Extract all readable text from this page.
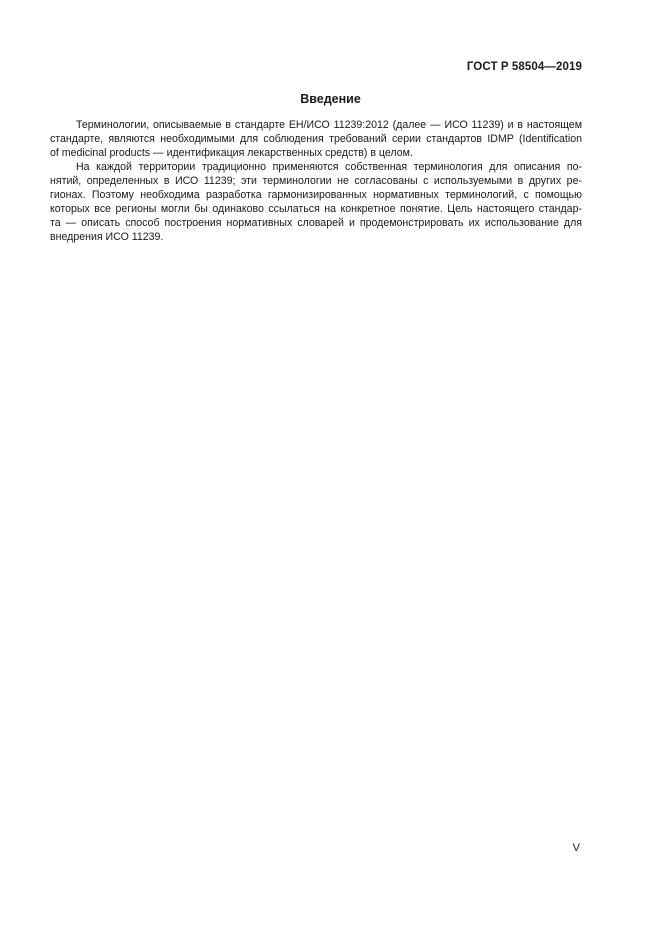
ГОСТ Р 58504—2019
Введение

Терминологии, описываемые в стандарте ЕН/ИСО 11239:2012 (далее — ИСО 11239) и в настоящем
стандарте, являются необходимыми для соблюдения требований серии стандартов IDMP (Identification
of medicinal products — идентификация лекарственных средств) в целом.

На каждой территории традиционно применяются собственная терминология для описания по-
нятий, определенных в ИСО 11239; эти терминологии не согласованы с используемыми в других ре-
гионах. Поэтому необходима разработка гармонизированных нормативных терминологий, с помощью
которых все регионы могли бы одинаково ссылаться на конкретное понятие. Цель настоящего стандар-
та — описать способ построения нормативных словарей и продемонстрировать их использование для
внедрения ИСО 11239.

V
